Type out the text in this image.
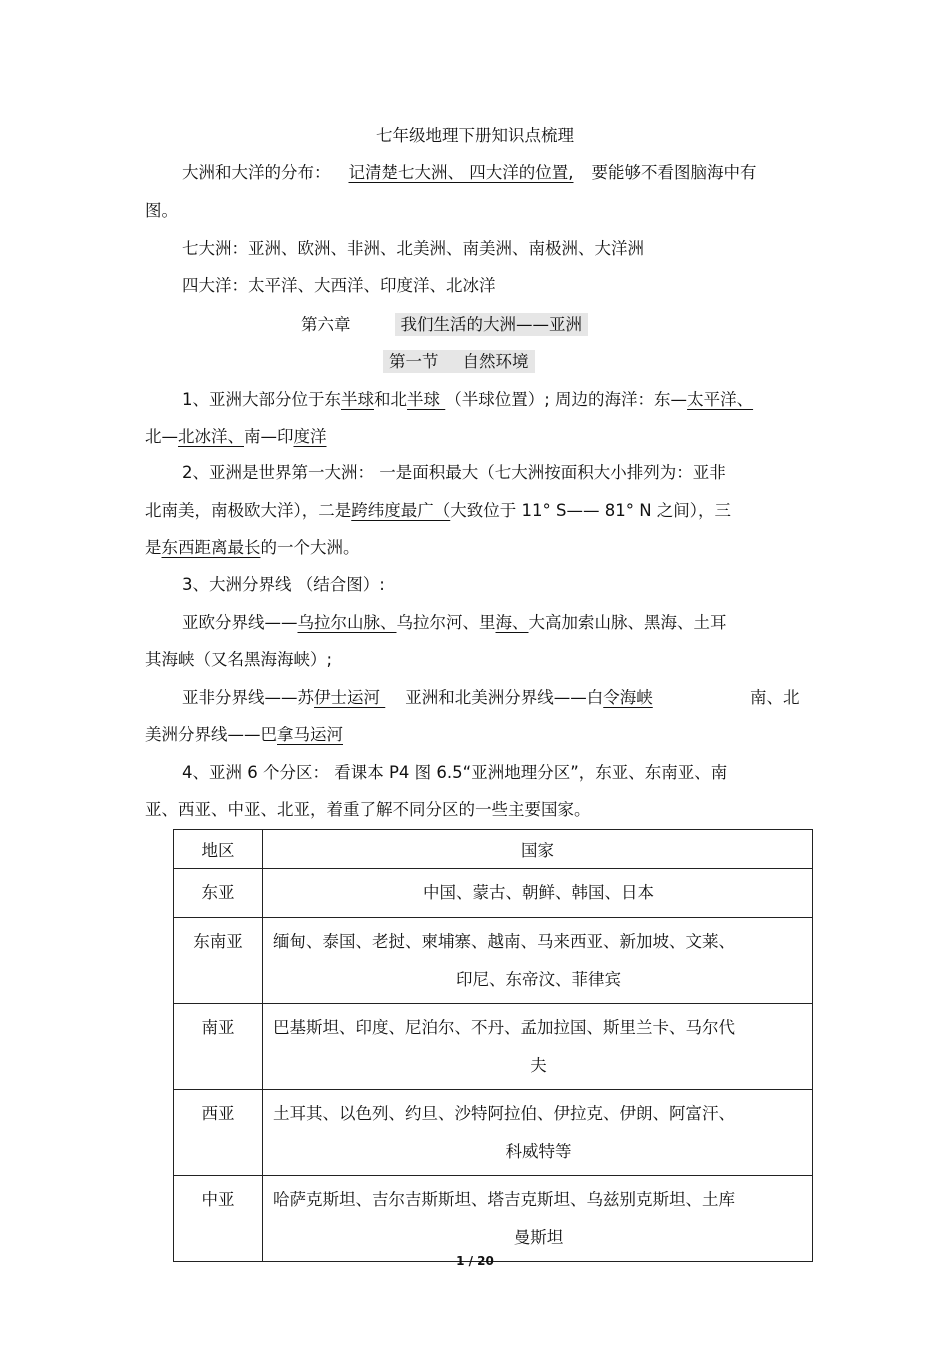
七年级地理下册知识点梳理
大洲和大洋的分布： 记清楚七大洲、 四大洋的位置, 要能够不看图脑海中有
图。
七大洲：亚洲、欧洲、非洲、北美洲、南美洲、南极洲、大洋洲
四大洋：太平洋、大西洋、印度洋、北冰洋
第六章	我们生活的大洲——亚洲
第一节 自然环境
1、亚洲大部分位于东半球和北半球 （半球位置）; 周边的海洋：东—太平洋、
北—北冰洋、南—印度洋
2、亚洲是世界第一大洲： 一是面积最大（七大洲按面积大小排列为：亚非
北南美，南极欧大洋），二是跨纬度最广（大致位于 11° S—— 81° N 之间），三
是东西距离最长的一个大洲。
3、大洲分界线 （结合图）:
亚欧分界线——乌拉尔山脉、乌拉尔河、里海、大高加索山脉、黑海、土耳
其海峡（又名黑海海峡）;
亚非分界线——苏伊士运河 亚洲和北美洲分界线——白令海峡	南、北
美洲分界线——巴拿马运河
4、亚洲 6 个分区： 看课本 P4 图 6.5“亚洲地理分区”，东亚、东南亚、南
亚、西亚、中亚、北亚，着重了解不同分区的一些主要国家。
地区	国家
东亚	中国、蒙古、朝鲜、韩国、日本

东南亚	缅甸、泰国、老挝、柬埔寨、越南、马来西亚、新加坡、文莱、
印尼、东帝汶、菲律宾

南亚	巴基斯坦、印度、尼泊尔、不丹、孟加拉国、斯里兰卡、马尔代
夫

西亚	土耳其、以色列、约旦、沙特阿拉伯、伊拉克、伊朗、阿富汗、
科威特等

中亚	哈萨克斯坦、吉尔吉斯斯坦、塔吉克斯坦、乌兹别克斯坦、土库
曼斯坦
1 / 20
